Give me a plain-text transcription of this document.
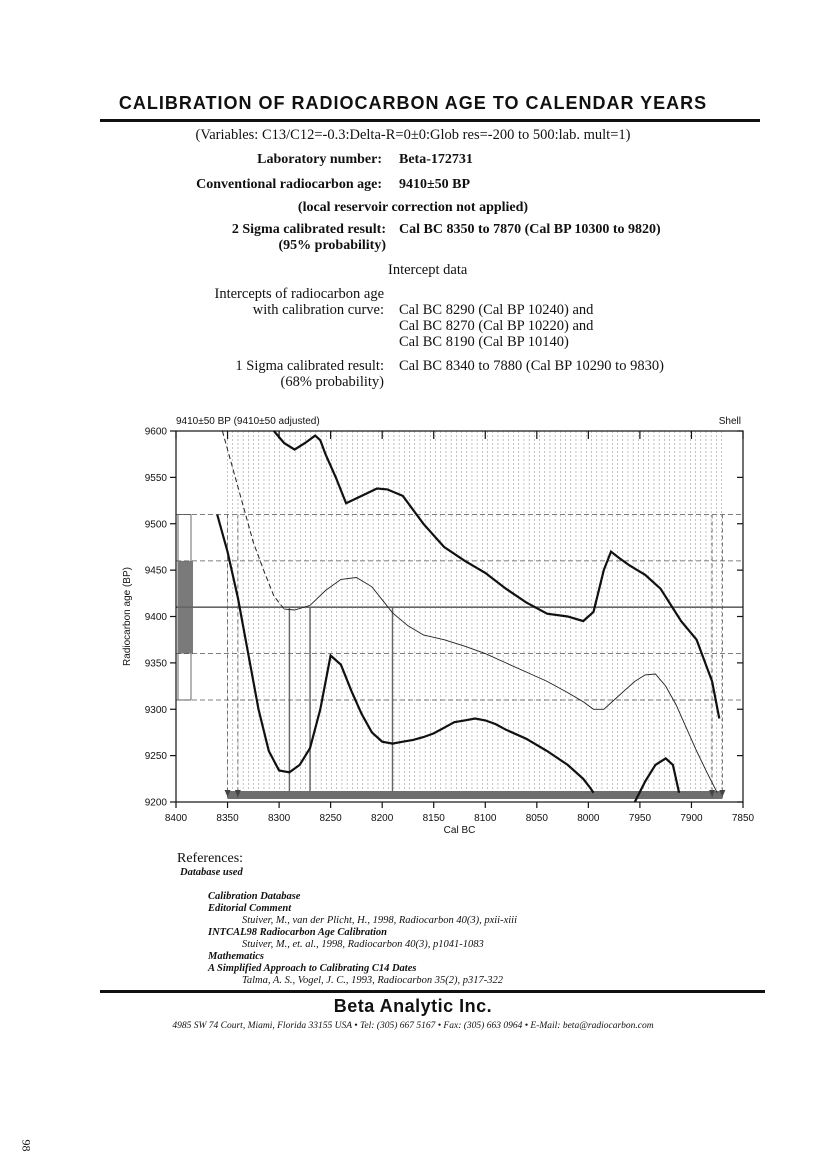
CALIBRATION OF RADIOCARBON AGE TO CALENDAR YEARS
(Variables: C13/C12=-0.3:Delta-R=0±0:Glob res=-200 to 500:lab. mult=1)
Laboratory number: Beta-172731
Conventional radiocarbon age: 9410±50 BP
(local reservoir correction not applied)
2 Sigma calibrated result:
(95% probability)
Cal BC 8350 to 7870 (Cal BP 10300 to 9820)
Intercept data
Intercepts of radiocarbon age
with calibration curve: Cal BC 8290 (Cal BP 10240) and
Cal BC 8270 (Cal BP 10220) and
Cal BC 8190 (Cal BP 10140)
1 Sigma calibrated result:
(68% probability)
Cal BC 8340 to 7880 (Cal BP 10290 to 9830)
8400	8350	8300	8250	8200	8150	8100	8050	8000	7950	7900	7850
9200
9250
9300
9350
9400
9450
9500
9550
9600
9410±50 BP (9410±50 adjusted)	Shell
Cal BC
Radiocarbon age (BP)
References:
Database used
Calibration Database
Editorial Comment
Stuiver, M., van der Plicht, H., 1998, Radiocarbon 40(3), pxii-xiii
INTCAL98 Radiocarbon Age Calibration
Stuiver, M., et. al., 1998, Radiocarbon 40(3), p1041-1083
Mathematics
A Simplified Approach to Calibrating C14 Dates
Talma, A. S., Vogel, J. C., 1993, Radiocarbon 35(2), p317-322
Beta Analytic Inc.
4985 SW 74 Court, Miami, Florida 33155 USA • Tel: (305) 667 5167 • Fax: (305) 663 0964 • E-Mail: beta@radiocarbon.com
98
